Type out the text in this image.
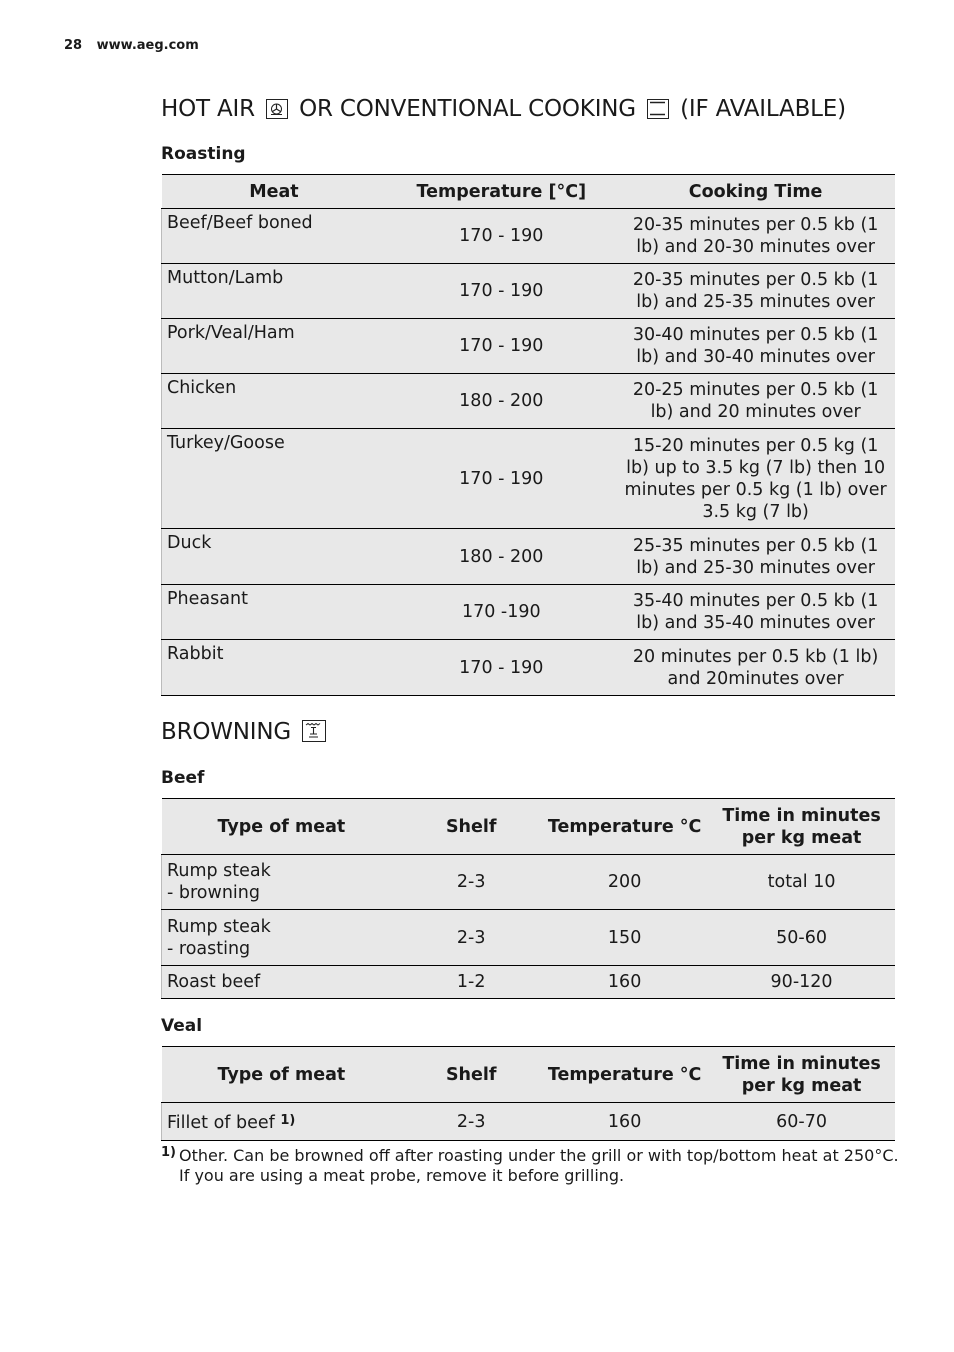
28 www.aeg.com
HOT AIR OR CONVENTIONAL COOKING (IF AVAILABLE)
Roasting
Meat	Temperature [°C]	Cooking Time
Beef/Beef boned	170 - 190	20-35 minutes per 0.5 kb (1 lb) and 20-30 minutes over
Mutton/Lamb	170 - 190	20-35 minutes per 0.5 kb (1 lb) and 25-35 minutes over
Pork/Veal/Ham	170 - 190	30-40 minutes per 0.5 kb (1 lb) and 30-40 minutes over
Chicken	180 - 200	20-25 minutes per 0.5 kb (1 lb) and 20 minutes over
Turkey/Goose	170 - 190	15-20 minutes per 0.5 kg (1 lb) up to 3.5 kg (7 lb) then 10 minutes per 0.5 kg (1 lb) over 3.5 kg (7 lb)
Duck	180 - 200	25-35 minutes per 0.5 kb (1 lb) and 25-30 minutes over
Pheasant	170 -190	35-40 minutes per 0.5 kb (1 lb) and 35-40 minutes over
Rabbit	170 - 190	20 minutes per 0.5 kb (1 lb) and 20minutes over
BROWNING
Beef
Type of meat	Shelf	Temperature °C	Time in minutes per kg meat

Rump steak
- browning	2-3	200	total 10

Rump steak
- roasting	2-3	150	50-60
Roast beef	1-2	160	90-120
Veal
Type of meat	Shelf	Temperature °C	Time in minutes per kg meat
Fillet of beef $^{1)}$	2-3	160	60-70
1) Other. Can be browned off after roasting under the grill or with top/bottom heat at 250°C. If you are using a meat probe, remove it before grilling.
